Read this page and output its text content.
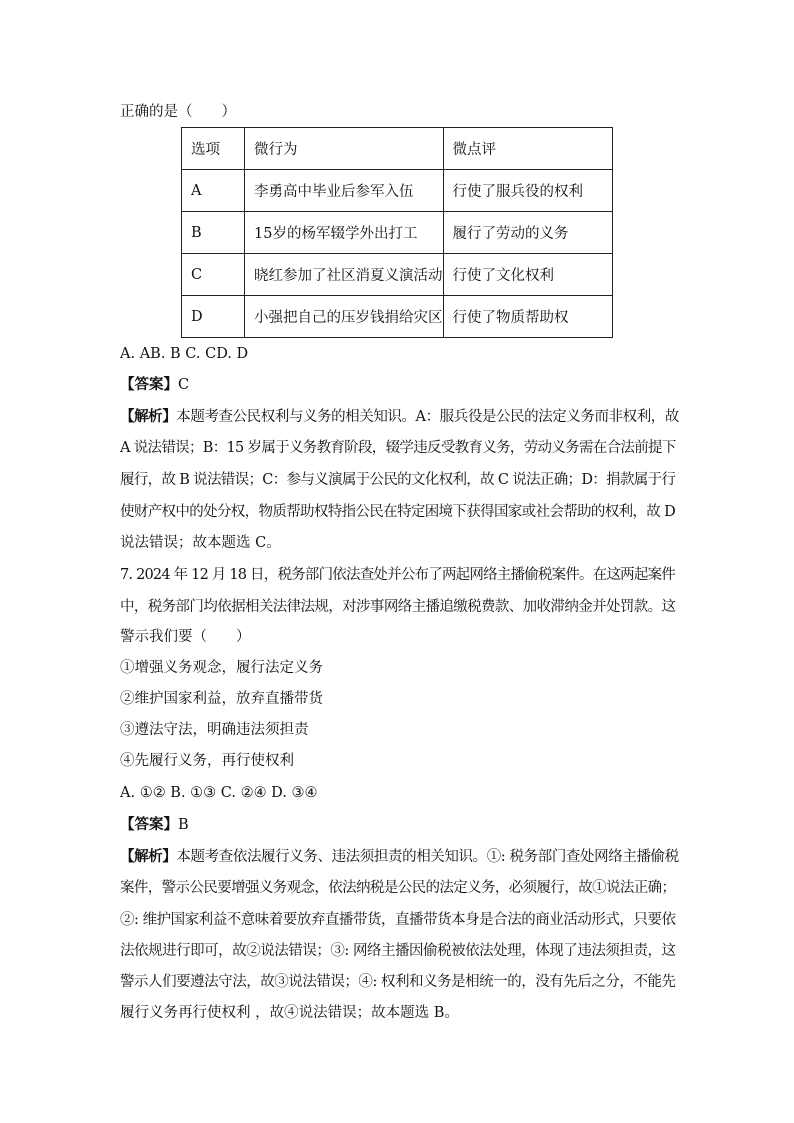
正确的是（　　）
选项	微行为	微点评
A	李勇高中毕业后参军入伍	行使了服兵役的权利
B	15岁的杨军辍学外出打工	履行了劳动的义务
C	晓红参加了社区消夏义演活动	行使了文化权利
D	小强把自己的压岁钱捐给灾区	行使了物质帮助权
A. AB. B C. CD. D
【答案】C
【解析】本题考查公民权利与义务的相关知识。A：服兵役是公民的法定义务而非权利，故
A 说法错误；B：15 岁属于义务教育阶段，辍学违反受教育义务，劳动义务需在合法前提下
履行，故 B 说法错误；C：参与义演属于公民的文化权利，故 C 说法正确；D：捐款属于行
使财产权中的处分权，物质帮助权特指公民在特定困境下获得国家或社会帮助的权利，故 D
说法错误；故本题选 C。
7. 2024 年 12 月 18 日，税务部门依法查处并公布了两起网络主播偷税案件。在这两起案件
中，税务部门均依据相关法律法规，对涉事网络主播追缴税费款、加收滞纳金并处罚款。这
警示我们要（　　）
①增强义务观念，履行法定义务
②维护国家利益，放弃直播带货
③遵法守法，明确违法须担责
④先履行义务，再行使权利
A. ①② B. ①③ C. ②④ D. ③④
【答案】B
【解析】本题考查依法履行义务、违法须担责的相关知识。①: 税务部门查处网络主播偷税
案件，警示公民要增强义务观念，依法纳税是公民的法定义务，必须履行，故①说法正确；
②: 维护国家利益不意味着要放弃直播带货，直播带货本身是合法的商业活动形式，只要依
法依规进行即可，故②说法错误；③: 网络主播因偷税被依法处理，体现了违法须担责，这
警示人们要遵法守法，故③说法错误；④: 权利和义务是相统一的，没有先后之分，不能先
履行义务再行使权利 ，故④说法错误；故本题选 B。
